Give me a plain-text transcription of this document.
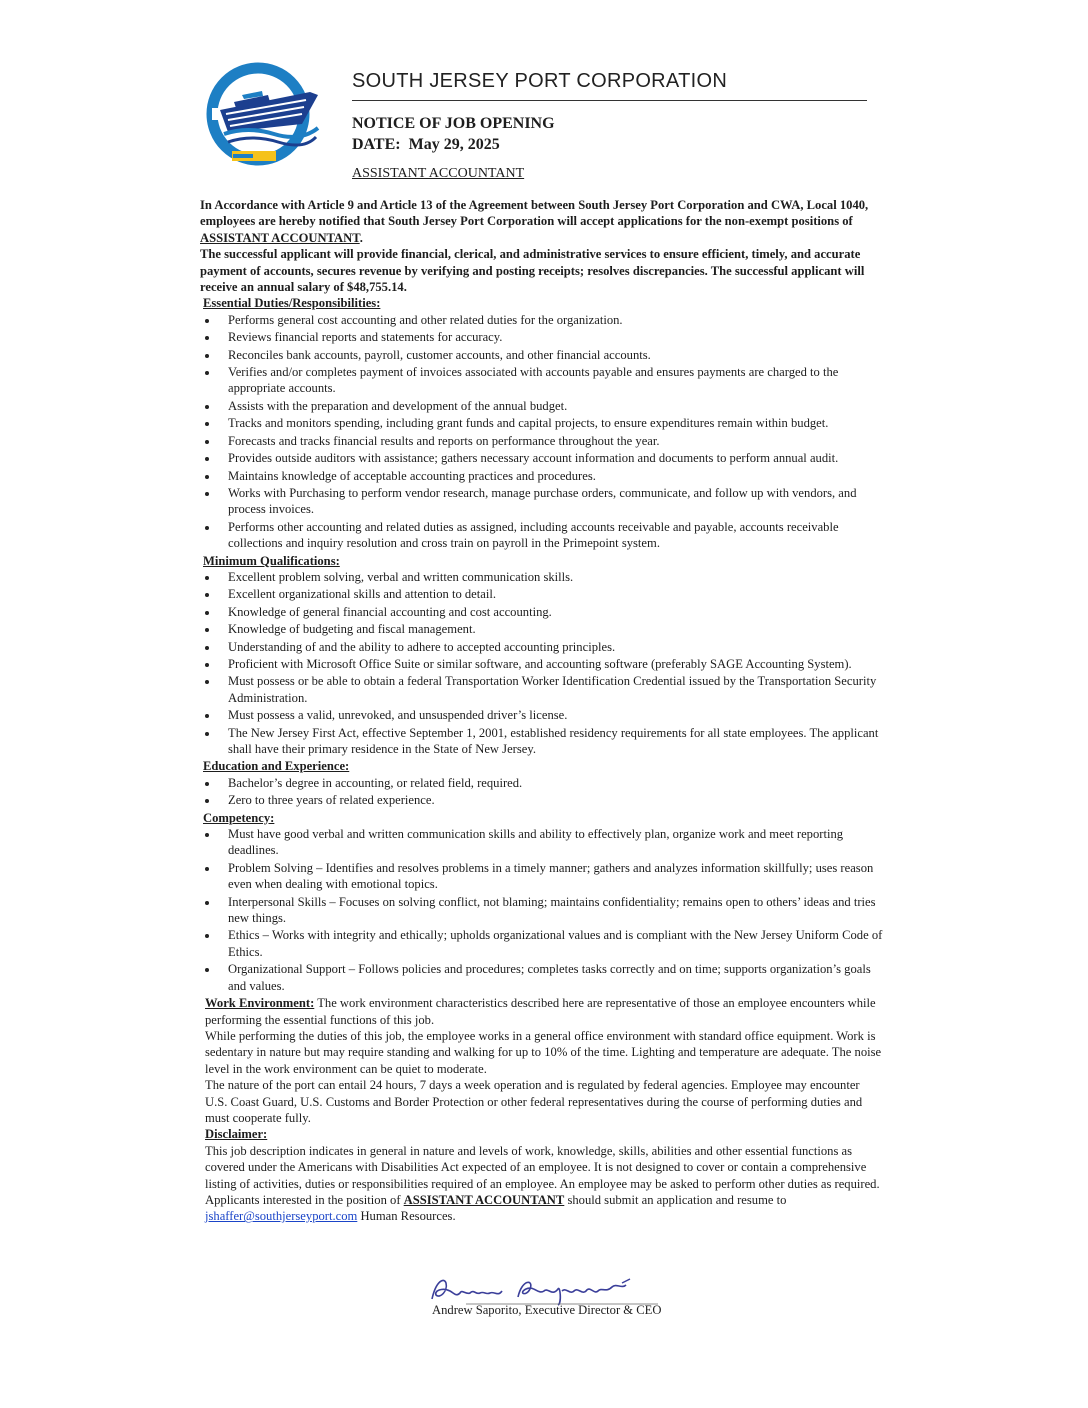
SOUTH JERSEY PORT CORPORATION
NOTICE OF JOB OPENING
DATE: May 29, 2025
ASSISTANT ACCOUNTANT
In Accordance with Article 9 and Article 13 of the Agreement between South Jersey Port Corporation and CWA, Local 1040, employees are hereby notified that South Jersey Port Corporation will accept applications for the non-exempt positions of ASSISTANT ACCOUNTANT.
The successful applicant will provide financial, clerical, and administrative services to ensure efficient, timely, and accurate payment of accounts, secures revenue by verifying and posting receipts; resolves discrepancies. The successful applicant will receive an annual salary of $48,755.14.
Essential Duties/Responsibilities:
Performs general cost accounting and other related duties for the organization.
Reviews financial reports and statements for accuracy.
Reconciles bank accounts, payroll, customer accounts, and other financial accounts.
Verifies and/or completes payment of invoices associated with accounts payable and ensures payments are charged to the appropriate accounts.
Assists with the preparation and development of the annual budget.
Tracks and monitors spending, including grant funds and capital projects, to ensure expenditures remain within budget.
Forecasts and tracks financial results and reports on performance throughout the year.
Provides outside auditors with assistance; gathers necessary account information and documents to perform annual audit.
Maintains knowledge of acceptable accounting practices and procedures.
Works with Purchasing to perform vendor research, manage purchase orders, communicate, and follow up with vendors, and process invoices.
Performs other accounting and related duties as assigned, including accounts receivable and payable, accounts receivable collections and inquiry resolution and cross train on payroll in the Primepoint system.
Minimum Qualifications:
Excellent problem solving, verbal and written communication skills.
Excellent organizational skills and attention to detail.
Knowledge of general financial accounting and cost accounting.
Knowledge of budgeting and fiscal management.
Understanding of and the ability to adhere to accepted accounting principles.
Proficient with Microsoft Office Suite or similar software, and accounting software (preferably SAGE Accounting System).
Must possess or be able to obtain a federal Transportation Worker Identification Credential issued by the Transportation Security Administration.
Must possess a valid, unrevoked, and unsuspended driver’s license.
The New Jersey First Act, effective September 1, 2001, established residency requirements for all state employees. The applicant shall have their primary residence in the State of New Jersey.
Education and Experience:
Bachelor’s degree in accounting, or related field, required.
Zero to three years of related experience.
Competency:
Must have good verbal and written communication skills and ability to effectively plan, organize work and meet reporting deadlines.
Problem Solving – Identifies and resolves problems in a timely manner; gathers and analyzes information skillfully; uses reason even when dealing with emotional topics.
Interpersonal Skills – Focuses on solving conflict, not blaming; maintains confidentiality; remains open to others’ ideas and tries new things.
Ethics – Works with integrity and ethically; upholds organizational values and is compliant with the New Jersey Uniform Code of Ethics.
Organizational Support – Follows policies and procedures; completes tasks correctly and on time; supports organization’s goals and values.
Work Environment: The work environment characteristics described here are representative of those an employee encounters while performing the essential functions of this job.
While performing the duties of this job, the employee works in a general office environment with standard office equipment. Work is sedentary in nature but may require standing and walking for up to 10% of the time. Lighting and temperature are adequate. The noise level in the work environment can be quiet to moderate.
The nature of the port can entail 24 hours, 7 days a week operation and is regulated by federal agencies. Employee may encounter U.S. Coast Guard, U.S. Customs and Border Protection or other federal representatives during the course of performing duties and must cooperate fully.
Disclaimer:
This job description indicates in general in nature and levels of work, knowledge, skills, abilities and other essential functions as covered under the Americans with Disabilities Act expected of an employee. It is not designed to cover or contain a comprehensive listing of activities, duties or responsibilities required of an employee. An employee may be asked to perform other duties as required.
Applicants interested in the position of ASSISTANT ACCOUNTANT should submit an application and resume to
jshaffer@southjerseyport.com Human Resources.
Andrew Saporito, Executive Director & CEO
